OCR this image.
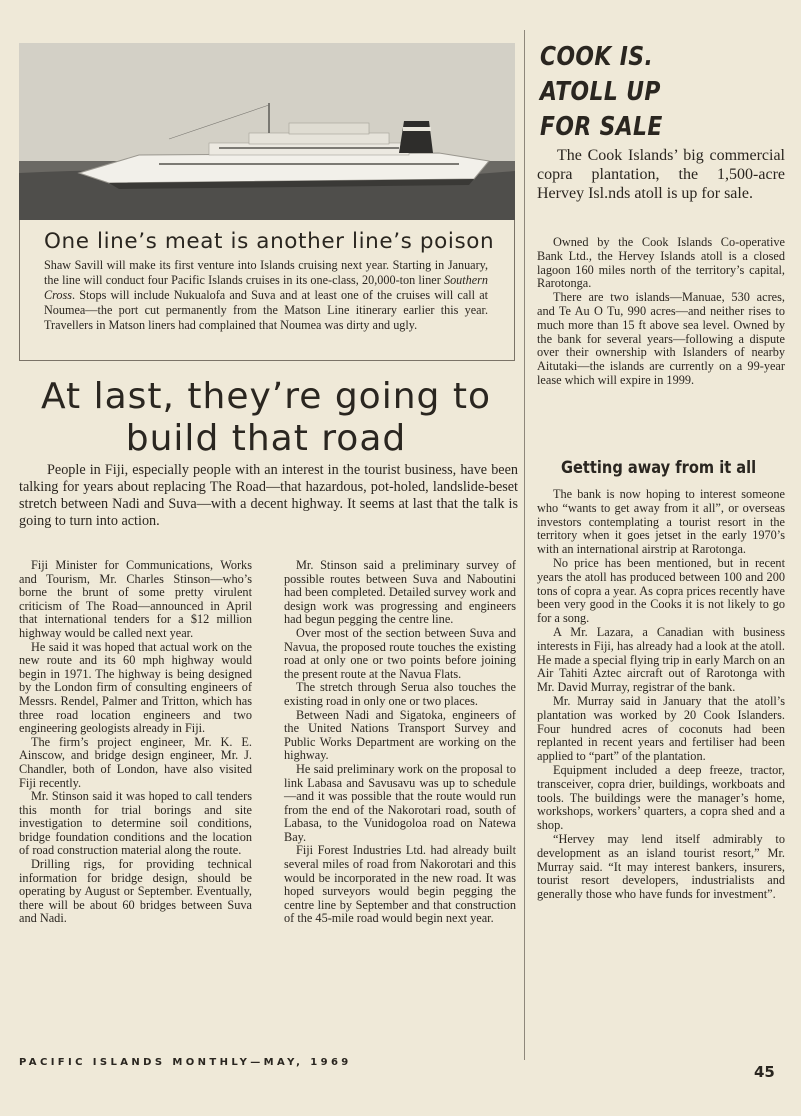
One line’s meat is another line’s poison
Shaw Savill will make its first venture into Islands cruising next year. Starting in January, the line will conduct four Pacific Islands cruises in its one-class, 20,000-ton liner Southern Cross. Stops will include Nukualofa and Suva and at least one of the cruises will call at Noumea—the port cut permanently from the Matson Line itinerary earlier this year. Travellers in Matson liners had complained that Noumea was dirty and ugly.
At last, they’re going to
build that road
People in Fiji, especially people with an interest in the tourist business, have been talking for years about replacing The Road—that hazardous, pot-holed, landslide-beset stretch between Nadi and Suva—with a decent highway. It seems at last that the talk is going to turn into action.

Fiji Minister for Communications, Works and Tourism, Mr. Charles Stinson—who’s borne the brunt of some pretty virulent criticism of The Road—announced in April that international tenders for a $12 million highway would be called next year.

He said it was hoped that actual work on the new route and its 60 mph highway would begin in 1971. The highway is being designed by the London firm of consulting engineers of Messrs. Rendel, Palmer and Tritton, which has three road location engineers and two engineering geologists already in Fiji.

The firm’s project engineer, Mr. K. E. Ainscow, and bridge design engineer, Mr. J. Chandler, both of London, have also visited Fiji recently.

Mr. Stinson said it was hoped to call tenders this month for trial borings and site investigation to determine soil conditions, bridge foundation conditions and the location of road construction material along the route.

Drilling rigs, for providing technical information for bridge design, should be operating by August or September. Eventually, there will be about 60 bridges between Suva and Nadi.

Mr. Stinson said a preliminary survey of possible routes between Suva and Naboutini had been completed. Detailed survey work and design work was progressing and engineers had begun pegging the centre line.

Over most of the section between Suva and Navua, the proposed route touches the existing road at only one or two points before joining the present route at the Navua Flats.

The stretch through Serua also touches the existing road in only one or two places.

Between Nadi and Sigatoka, engineers of the United Nations Transport Survey and Public Works Department are working on the highway.

He said preliminary work on the proposal to link Labasa and Savusavu was up to schedule—and it was possible that the route would run from the end of the Nakorotari road, south of Labasa, to the Vunidogoloa road on Natewa Bay.

Fiji Forest Industries Ltd. had already built several miles of road from Nakorotari and this would be incorporated in the new road. It was hoped surveyors would begin pegging the centre line by September and that construction of the 45-mile road would begin next year.

COOK IS.
ATOLL UP
FOR SALE
The Cook Islands’ big commercial copra plantation, the 1,500-acre Hervey Isl.nds atoll is up for sale.

Owned by the Cook Islands Co-operative Bank Ltd., the Hervey Islands atoll is a closed lagoon 160 miles north of the territory’s capital, Rarotonga.

There are two islands—Manuae, 530 acres, and Te Au O Tu, 990 acres—and neither rises to much more than 15 ft above sea level. Owned by the bank for several years—following a dispute over their ownership with Islanders of nearby Aitutaki—the islands are currently on a 99-year lease which will expire in 1999.

Getting away from it all

The bank is now hoping to interest someone who “wants to get away from it all”, or overseas investors contemplating a tourist resort in the territory when it goes jetset in the early 1970’s with an international airstrip at Rarotonga.

No price has been mentioned, but in recent years the atoll has produced between 100 and 200 tons of copra a year. As copra prices recently have been very good in the Cooks it is not likely to go for a song.

A Mr. Lazara, a Canadian with business interests in Fiji, has already had a look at the atoll. He made a special flying trip in early March on an Air Tahiti Aztec aircraft out of Rarotonga with Mr. David Murray, registrar of the bank.

Mr. Murray said in January that the atoll’s plantation was worked by 20 Cook Islanders. Four hundred acres of coconuts had been replanted in recent years and fertiliser had been applied to “part” of the plantation.

Equipment included a deep freeze, tractor, transceiver, copra drier, buildings, workboats and tools. The buildings were the manager’s home, workshops, workers’ quarters, a copra shed and a shop.

“Hervey may lend itself admirably to development as an island tourist resort,” Mr. Murray said. “It may interest bankers, insurers, tourist resort developers, industrialists and generally those who have funds for investment”.

PACIFIC ISLANDS MONTHLY—MAY, 1969
45
